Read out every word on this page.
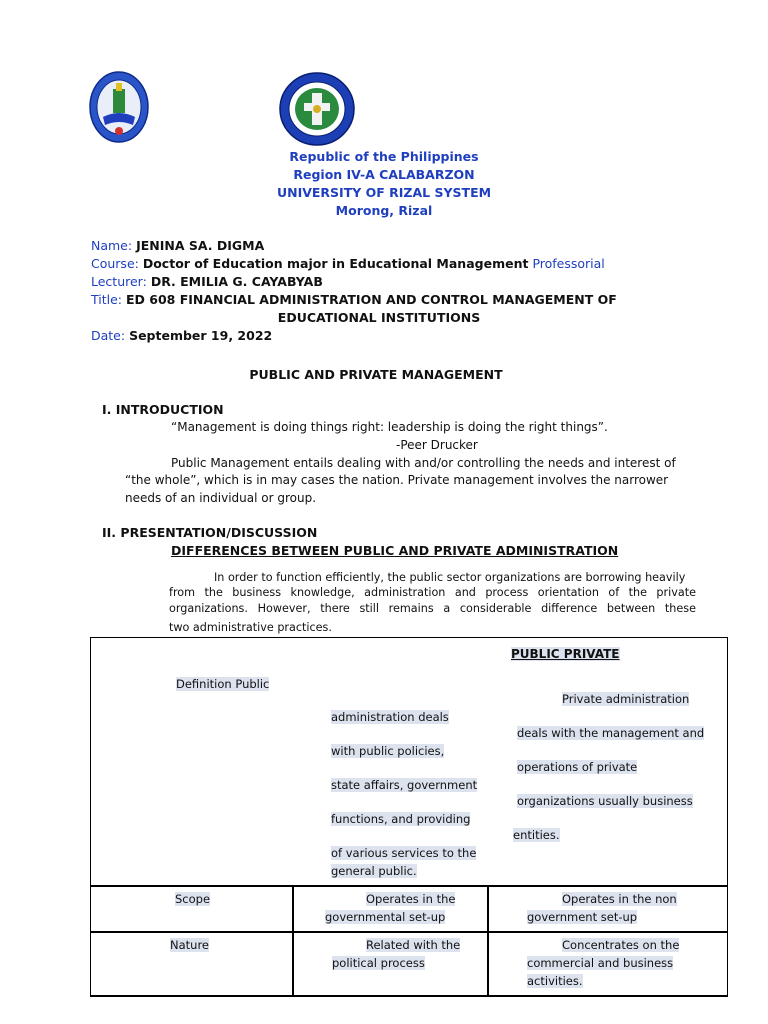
Republic of the Philippines
Region IV-A CALABARZON
UNIVERSITY OF RIZAL SYSTEM
Morong, Rizal
Name: JENINA SA. DIGMA
Course: Doctor of Education major in Educational Management Professorial
Lecturer: DR. EMILIA G. CAYABYAB
Title: ED 608 FINANCIAL ADMINISTRATION AND CONTROL MANAGEMENT OF
EDUCATIONAL INSTITUTIONS
Date: September 19, 2022
PUBLIC AND PRIVATE MANAGEMENT
I. INTRODUCTION
“Management is doing things right: leadership is doing the right things”.
-Peer Drucker
Public Management entails dealing with and/or controlling the needs and interest of
“the whole”, which is in may cases the nation. Private management involves the narrower
needs of an individual or group.
II. PRESENTATION/DISCUSSION
DIFFERENCES BETWEEN PUBLIC AND PRIVATE ADMINISTRATION
In order to function efficiently, the public sector organizations are borrowing heavily
from the business knowledge, administration and process orientation of the private
organizations. However, there still remains a considerable difference between these
two administrative practices.
PUBLIC PRIVATE
Definition Public
administration deals
with public policies,
state affairs, government
functions, and providing
of various services to the
general public.
Private administration
deals with the management and
operations of private
organizations usually business
entities.
Scope	Operates in the
governmental set-up
Operates in the non
government set-up
Nature	Related with the
political process
Concentrates on the
commercial and business
activities.
